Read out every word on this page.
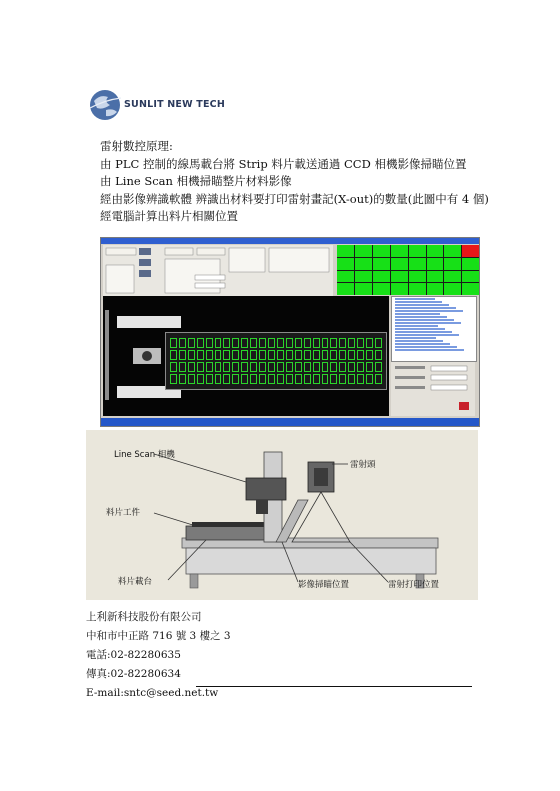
SUNLIT NEW TECH
雷射數控原理:
由 PLC 控制的線馬載台將 Strip 料片載送通過 CCD 相機影像掃瞄位置
由 Line Scan 相機掃瞄整片材料影像
經由影像辨識軟體 辨識出材料要打印雷射畫記(X-out)的數量(此圖中有 4 個)
經電腦計算出料片相關位置
Line Scan 相機
雷射頭
料片工件
料片載台	影像掃瞄位置	雷射打印位置
上利新科技股份有限公司
中和市中正路 716 號 3 樓之 3
電話:02-82280635
傳真:02-82280634
E-mail:sntc@seed.net.tw
